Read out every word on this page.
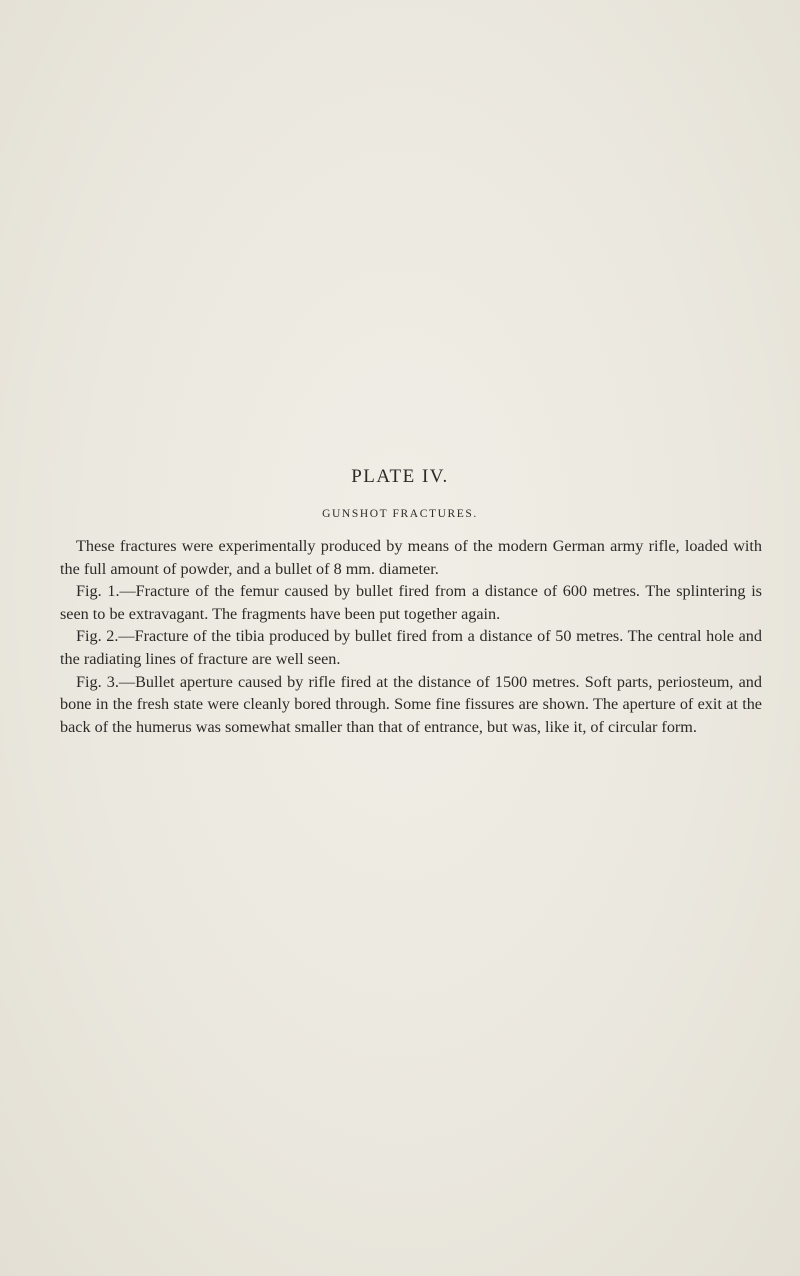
PLATE IV.
GUNSHOT FRACTURES.

These fractures were experimentally produced by means of the modern German army rifle, loaded with the full amount of powder, and a bullet of 8 mm. diameter.

Fig. 1.—Fracture of the femur caused by bullet fired from a distance of 600 metres. The splintering is seen to be extravagant. The fragments have been put together again.

Fig. 2.—Fracture of the tibia produced by bullet fired from a distance of 50 metres. The central hole and the radiating lines of fracture are well seen.

Fig. 3.—Bullet aperture caused by rifle fired at the distance of 1500 metres. Soft parts, periosteum, and bone in the fresh state were cleanly bored through. Some fine fissures are shown. The aperture of exit at the back of the humerus was somewhat smaller than that of entrance, but was, like it, of circular form.
